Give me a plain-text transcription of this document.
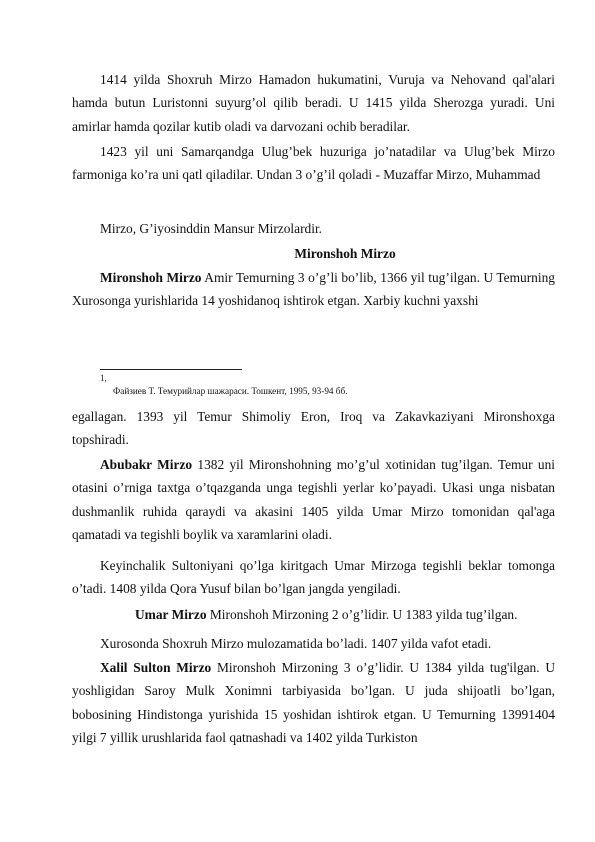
1414 yilda Shoxruh Mirzo Hamadon hukumatini, Vuruja va Nehovand qal'alari hamda butun Luristonni suyurg’ol qilib beradi. U 1415 yilda Sherozga yuradi. Uni amirlar hamda qozilar kutib oladi va darvozani ochib beradilar.

1423 yil uni Samarqandga Ulug’bek huzuriga jo’natadilar va Ulug’bek Mirzo farmoniga ko’ra uni qatl qiladilar. Undan 3 o’g’il qoladi - Muzaffar Mirzo, Muhammad

Mirzo, G’iyosinddin Mansur Mirzolardir.

Mironshoh Mirzo

Mironshoh Mirzo Amir Temurning 3 o’g’li bo’lib, 1366 yil tug’ilgan. U Temurning Xurosonga yurishlarida 14 yoshidanoq ishtirok etgan. Xarbiy kuchni yaxshi

1,
Файзиев Т. Темурийлар шажараси. Тошкент, 1995, 93-94 бб.

egallagan. 1393 yil Temur Shimoliy Eron, Iroq va Zakavkaziyani Mironshoxga topshiradi.

Abubakr Mirzo 1382 yil Mironshohning mo’g’ul xotinidan tug’ilgan. Temur uni otasini o’rniga taxtga o’tqazganda unga tegishli yerlar ko’payadi. Ukasi unga nisbatan dushmanlik ruhida qaraydi va akasini 1405 yilda Umar Mirzo tomonidan qal'aga qamatadi va tegishli boylik va xaramlarini oladi.

Keyinchalik Sultoniyani qo’lga kiritgach Umar Mirzoga tegishli beklar tomonga o’tadi. 1408 yilda Qora Yusuf bilan bo’lgan jangda yengiladi.

Umar Mirzo Mironshoh Mirzoning 2 o’g’lidir. U 1383 yilda tug’ilgan.

Xurosonda Shoxruh Mirzo mulozamatida bo’ladi. 1407 yilda vafot etadi.

Xalil Sulton Mirzo Mironshoh Mirzoning 3 o’g’lidir. U 1384 yilda tug'ilgan. U yoshligidan Saroy Mulk Xonimni tarbiyasida bo’lgan. U juda shijoatli bo’lgan, bobosining Hindistonga yurishida 15 yoshidan ishtirok etgan. U Temurning 13991404 yilgi 7 yillik urushlarida faol qatnashadi va 1402 yilda Turkiston
